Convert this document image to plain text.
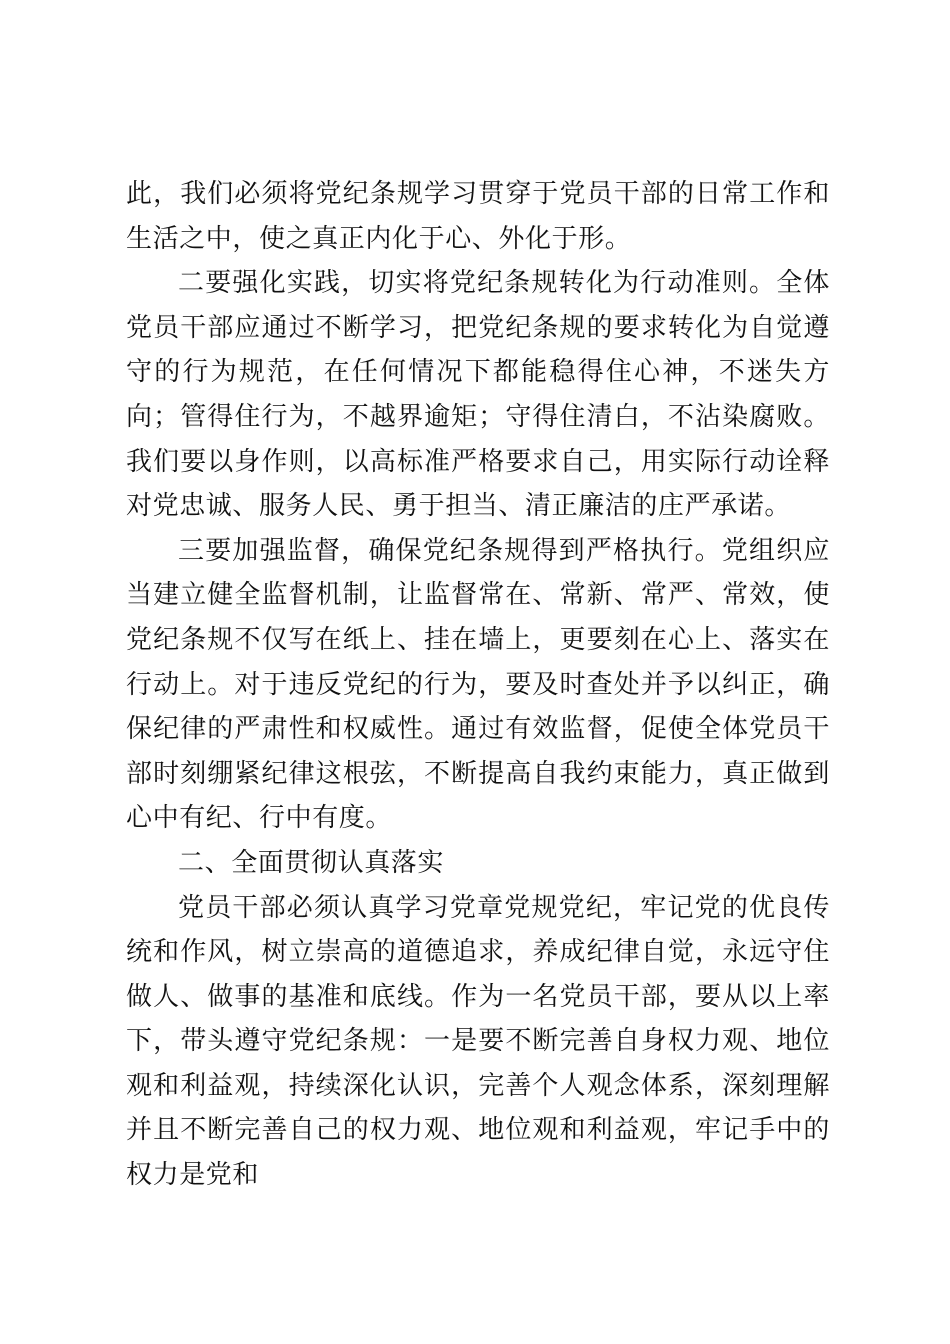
此，我们必须将党纪条规学习贯穿于党员干部的日常工作和生活之中，使之真正内化于心、外化于形。

二要强化实践，切实将党纪条规转化为行动准则。全体党员干部应通过不断学习，把党纪条规的要求转化为自觉遵守的行为规范，在任何情况下都能稳得住心神，不迷失方向；管得住行为，不越界逾矩；守得住清白，不沾染腐败。我们要以身作则，以高标准严格要求自己，用实际行动诠释对党忠诚、服务人民、勇于担当、清正廉洁的庄严承诺。

三要加强监督，确保党纪条规得到严格执行。党组织应当建立健全监督机制，让监督常在、常新、常严、常效，使党纪条规不仅写在纸上、挂在墙上，更要刻在心上、落实在行动上。对于违反党纪的行为，要及时查处并予以纠正，确保纪律的严肃性和权威性。通过有效监督，促使全体党员干部时刻绷紧纪律这根弦，不断提高自我约束能力，真正做到心中有纪、行中有度。

二、全面贯彻认真落实

党员干部必须认真学习党章党规党纪，牢记党的优良传统和作风，树立崇高的道德追求，养成纪律自觉，永远守住做人、做事的基准和底线。作为一名党员干部，要从以上率下，带头遵守党纪条规：一是要不断完善自身权力观、地位观和利益观，持续深化认识，完善个人观念体系，深刻理解并且不断完善自己的权力观、地位观和利益观，牢记手中的权力是党和
